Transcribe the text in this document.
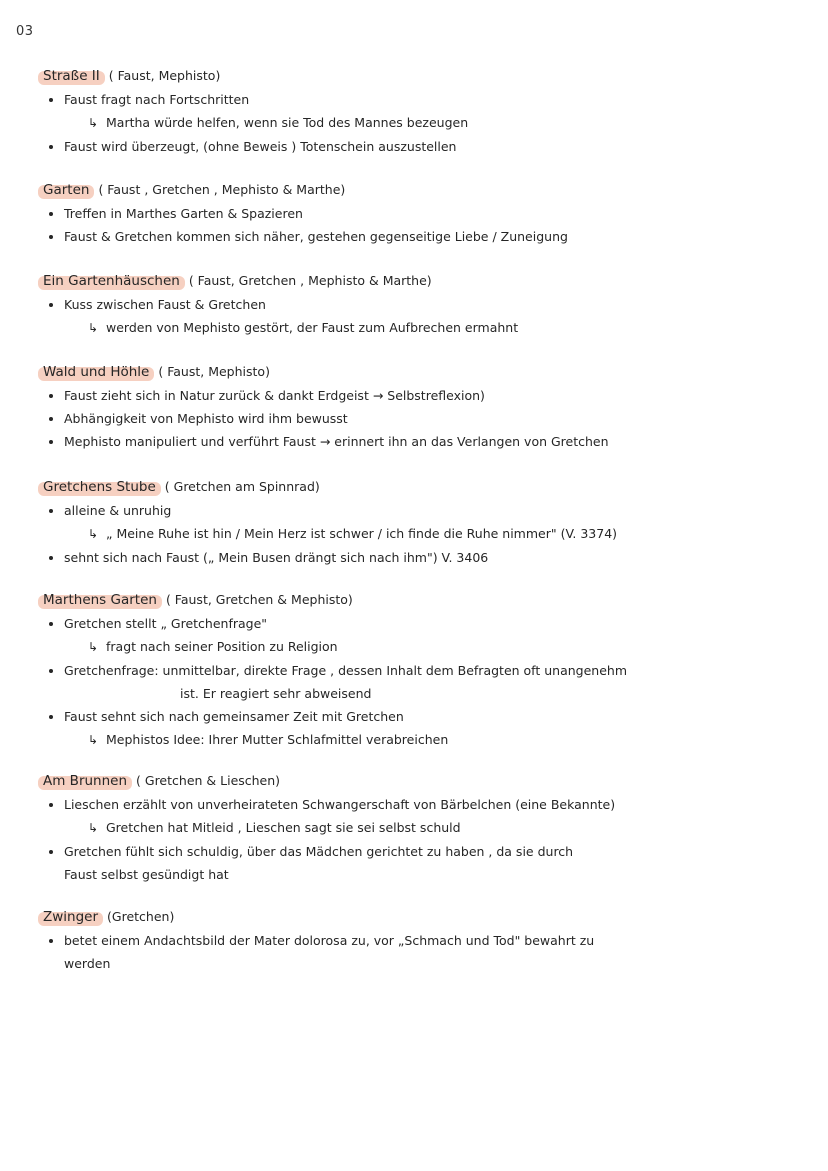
03
Straße II ( Faust, Mephisto)
Faust fragt nach Fortschritten
↳ Martha würde helfen, wenn sie Tod des Mannes bezeugen
Faust wird überzeugt, (ohne Beweis ) Totenschein auszustellen
Garten ( Faust , Gretchen , Mephisto & Marthe)
Treffen in Marthes Garten & Spazieren
Faust & Gretchen kommen sich näher, gestehen gegenseitige Liebe / Zuneigung
Ein Gartenhäuschen ( Faust, Gretchen , Mephisto & Marthe)
Kuss zwischen Faust & Gretchen
↳ werden von Mephisto gestört, der Faust zum Aufbrechen ermahnt
Wald und Höhle ( Faust, Mephisto)
Faust zieht sich in Natur zurück & dankt Erdgeist → Selbstreflexion)
Abhängigkeit von Mephisto wird ihm bewusst
Mephisto manipuliert und verführt Faust → erinnert ihn an das Verlangen von Gretchen
Gretchens Stube ( Gretchen am Spinnrad)
alleine & unruhig
↳ „ Meine Ruhe ist hin / Mein Herz ist schwer / ich finde die Ruhe nimmer" (V. 3374)
sehnt sich nach Faust („ Mein Busen drängt sich nach ihm") V. 3406
Marthens Garten ( Faust, Gretchen & Mephisto)
Gretchen stellt „ Gretchenfrage"
↳ fragt nach seiner Position zu Religion
Gretchenfrage: unmittelbar, direkte Frage , dessen Inhalt dem Befragten oft unangenehm
ist. Er reagiert sehr abweisend
Faust sehnt sich nach gemeinsamer Zeit mit Gretchen
↳ Mephistos Idee: Ihrer Mutter Schlafmittel verabreichen
Am Brunnen ( Gretchen & Lieschen)
Lieschen erzählt von unverheirateten Schwangerschaft von Bärbelchen (eine Bekannte)
↳ Gretchen hat Mitleid , Lieschen sagt sie sei selbst schuld
Gretchen fühlt sich schuldig, über das Mädchen gerichtet zu haben , da sie durch
Faust selbst gesündigt hat
Zwinger (Gretchen)
betet einem Andachtsbild der Mater dolorosa zu, vor „Schmach und Tod" bewahrt zu
werden
